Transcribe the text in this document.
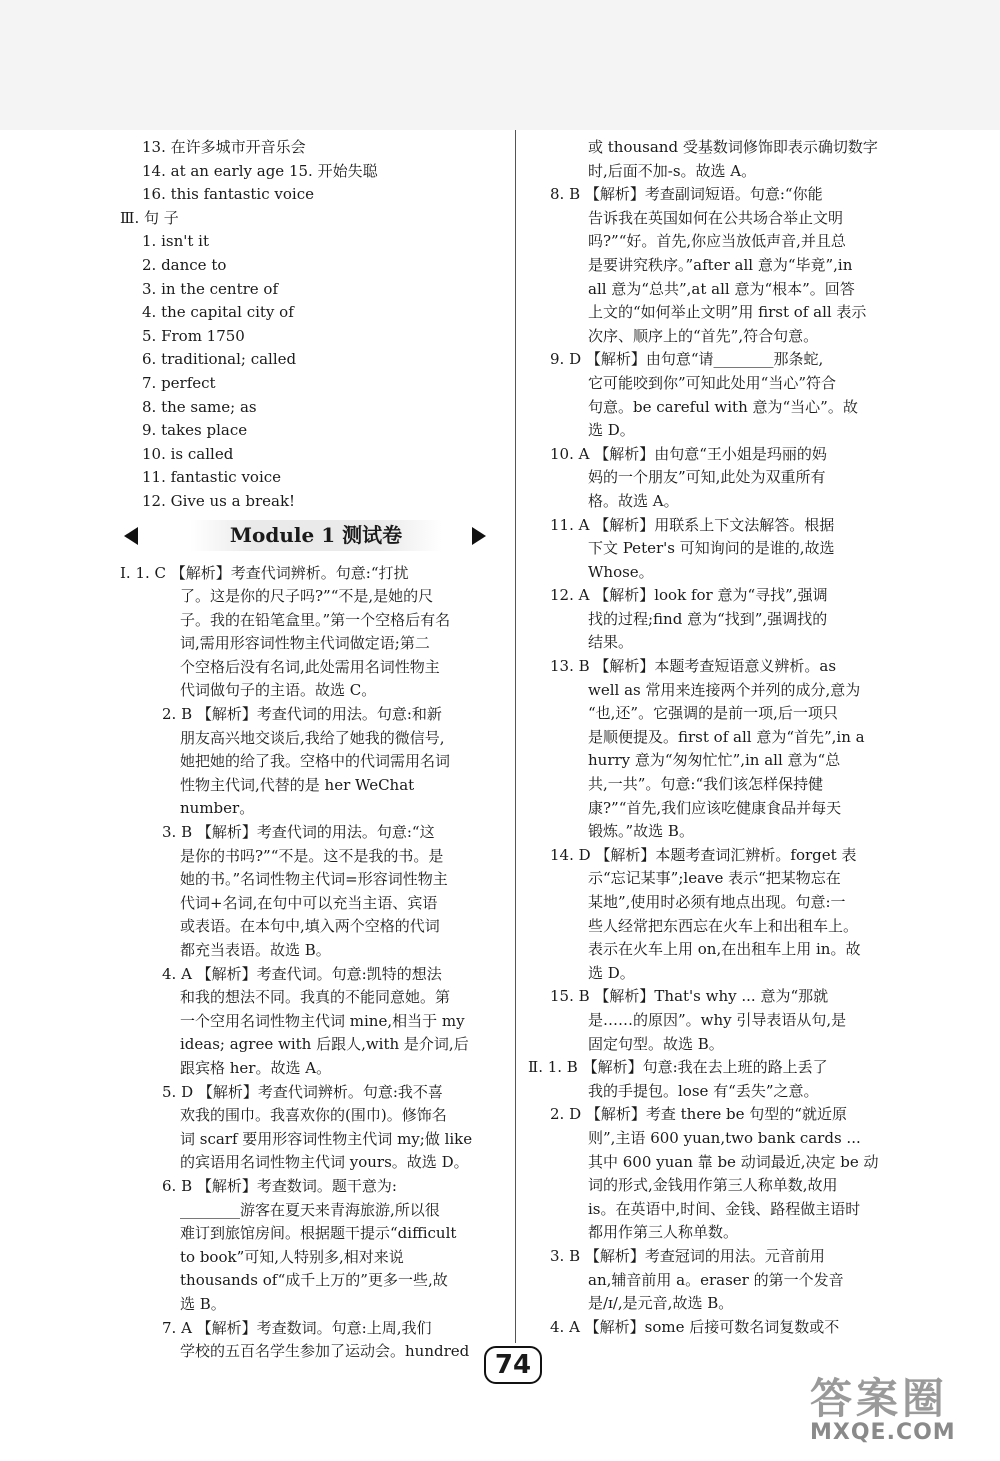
13. 在许多城市开音乐会
14. at an early age 15. 开始失聪
16. this fantastic voice
Ⅲ. 句 子
1. isn't it
2. dance to
3. in the centre of
4. the capital city of
5. From 1750
6. traditional; called
7. perfect
8. the same; as
9. takes place
10. is called
11. fantastic voice
12. Give us a break!
Module 1 测试卷
Ⅰ. 1. C 【解析】考查代词辨析。句意:“打扰
了。这是你的尺子吗?”“不是,是她的尺
子。我的在铅笔盒里。”第一个空格后有名
词,需用形容词性物主代词做定语;第二
个空格后没有名词,此处需用名词性物主
代词做句子的主语。故选 C。
2. B 【解析】考查代词的用法。句意:和新
朋友高兴地交谈后,我给了她我的微信号,
她把她的给了我。空格中的代词需用名词
性物主代词,代替的是 her WeChat
number。
3. B 【解析】考查代词的用法。句意:“这
是你的书吗?”“不是。这不是我的书。是
她的书。”名词性物主代词=形容词性物主
代词+名词,在句中可以充当主语、宾语
或表语。在本句中,填入两个空格的代词
都充当表语。故选 B。
4. A 【解析】考查代词。句意:凯特的想法
和我的想法不同。我真的不能同意她。第
一个空用名词性物主代词 mine,相当于 my
ideas; agree with 后跟人,with 是介词,后
跟宾格 her。故选 A。
5. D 【解析】考查代词辨析。句意:我不喜
欢我的围巾。我喜欢你的(围巾)。修饰名
词 scarf 要用形容词性物主代词 my;做 like
的宾语用名词性物主代词 yours。故选 D。
6. B 【解析】考查数词。题干意为:
________游客在夏天来青海旅游,所以很
难订到旅馆房间。根据题干提示“difficult
to book”可知,人特别多,相对来说
thousands of“成千上万的”更多一些,故
选 B。
7. A 【解析】考查数词。句意:上周,我们
学校的五百名学生参加了运动会。hundred
或 thousand 受基数词修饰即表示确切数字
时,后面不加-s。故选 A。
8. B 【解析】考查副词短语。句意:“你能
告诉我在英国如何在公共场合举止文明
吗?”“好。首先,你应当放低声音,并且总
是要讲究秩序。”after all 意为“毕竟”,in
all 意为“总共”,at all 意为“根本”。回答
上文的“如何举止文明”用 first of all 表示
次序、顺序上的“首先”,符合句意。
9. D 【解析】由句意“请________那条蛇,
它可能咬到你”可知此处用“当心”符合
句意。be careful with 意为“当心”。故
选 D。
10. A 【解析】由句意“王小姐是玛丽的妈
妈的一个朋友”可知,此处为双重所有
格。故选 A。
11. A 【解析】用联系上下文法解答。根据
下文 Peter's 可知询问的是谁的,故选
Whose。
12. A 【解析】look for 意为“寻找”,强调
找的过程;find 意为“找到”,强调找的
结果。
13. B 【解析】本题考查短语意义辨析。as
well as 常用来连接两个并列的成分,意为
“也,还”。它强调的是前一项,后一项只
是顺便提及。first of all 意为“首先”,in a
hurry 意为“匆匆忙忙”,in all 意为“总
共,一共”。句意:“我们该怎样保持健
康?”“首先,我们应该吃健康食品并每天
锻炼。”故选 B。
14. D 【解析】本题考查词汇辨析。forget 表
示“忘记某事”;leave 表示“把某物忘在
某地”,使用时必须有地点出现。句意:一
些人经常把东西忘在火车上和出租车上。
表示在火车上用 on,在出租车上用 in。故
选 D。
15. B 【解析】That's why ... 意为“那就
是……的原因”。why 引导表语从句,是
固定句型。故选 B。
Ⅱ. 1. B 【解析】句意:我在去上班的路上丢了
我的手提包。lose 有“丢失”之意。
2. D 【解析】考查 there be 句型的“就近原
则”,主语 600 yuan,two bank cards ...
其中 600 yuan 靠 be 动词最近,决定 be 动
词的形式,金钱用作第三人称单数,故用
is。在英语中,时间、金钱、路程做主语时
都用作第三人称单数。
3. B 【解析】考查冠词的用法。元音前用
an,辅音前用 a。eraser 的第一个发音
是/ɪ/,是元音,故选 B。
4. A 【解析】some 后接可数名词复数或不
74
答案圈
MXQE.COM
